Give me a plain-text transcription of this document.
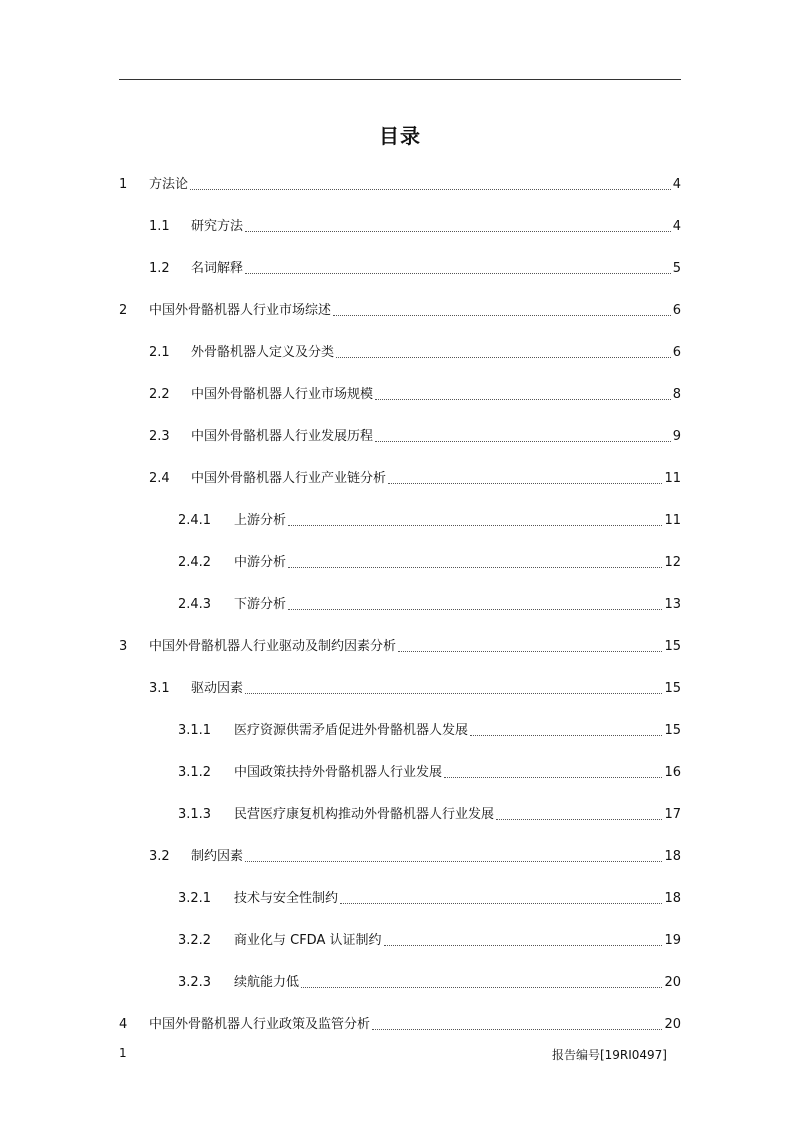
目录
1	方法论	4
1.1	研究方法	4
1.2	名词解释	5
2	中国外骨骼机器人行业市场综述	6
2.1	外骨骼机器人定义及分类	6
2.2	中国外骨骼机器人行业市场规模	8
2.3	中国外骨骼机器人行业发展历程	9
2.4	中国外骨骼机器人行业产业链分析	11
2.4.1	上游分析	11
2.4.2	中游分析	12
2.4.3	下游分析	13
3	中国外骨骼机器人行业驱动及制约因素分析	15
3.1	驱动因素	15
3.1.1	医疗资源供需矛盾促进外骨骼机器人发展	15
3.1.2	中国政策扶持外骨骼机器人行业发展	16
3.1.3	民营医疗康复机构推动外骨骼机器人行业发展	17
3.2	制约因素	18
3.2.1	技术与安全性制约	18
3.2.2	商业化与 CFDA 认证制约	19
3.2.3	续航能力低	20
4	中国外骨骼机器人行业政策及监管分析	20
1	报告编号[19RI0497]
